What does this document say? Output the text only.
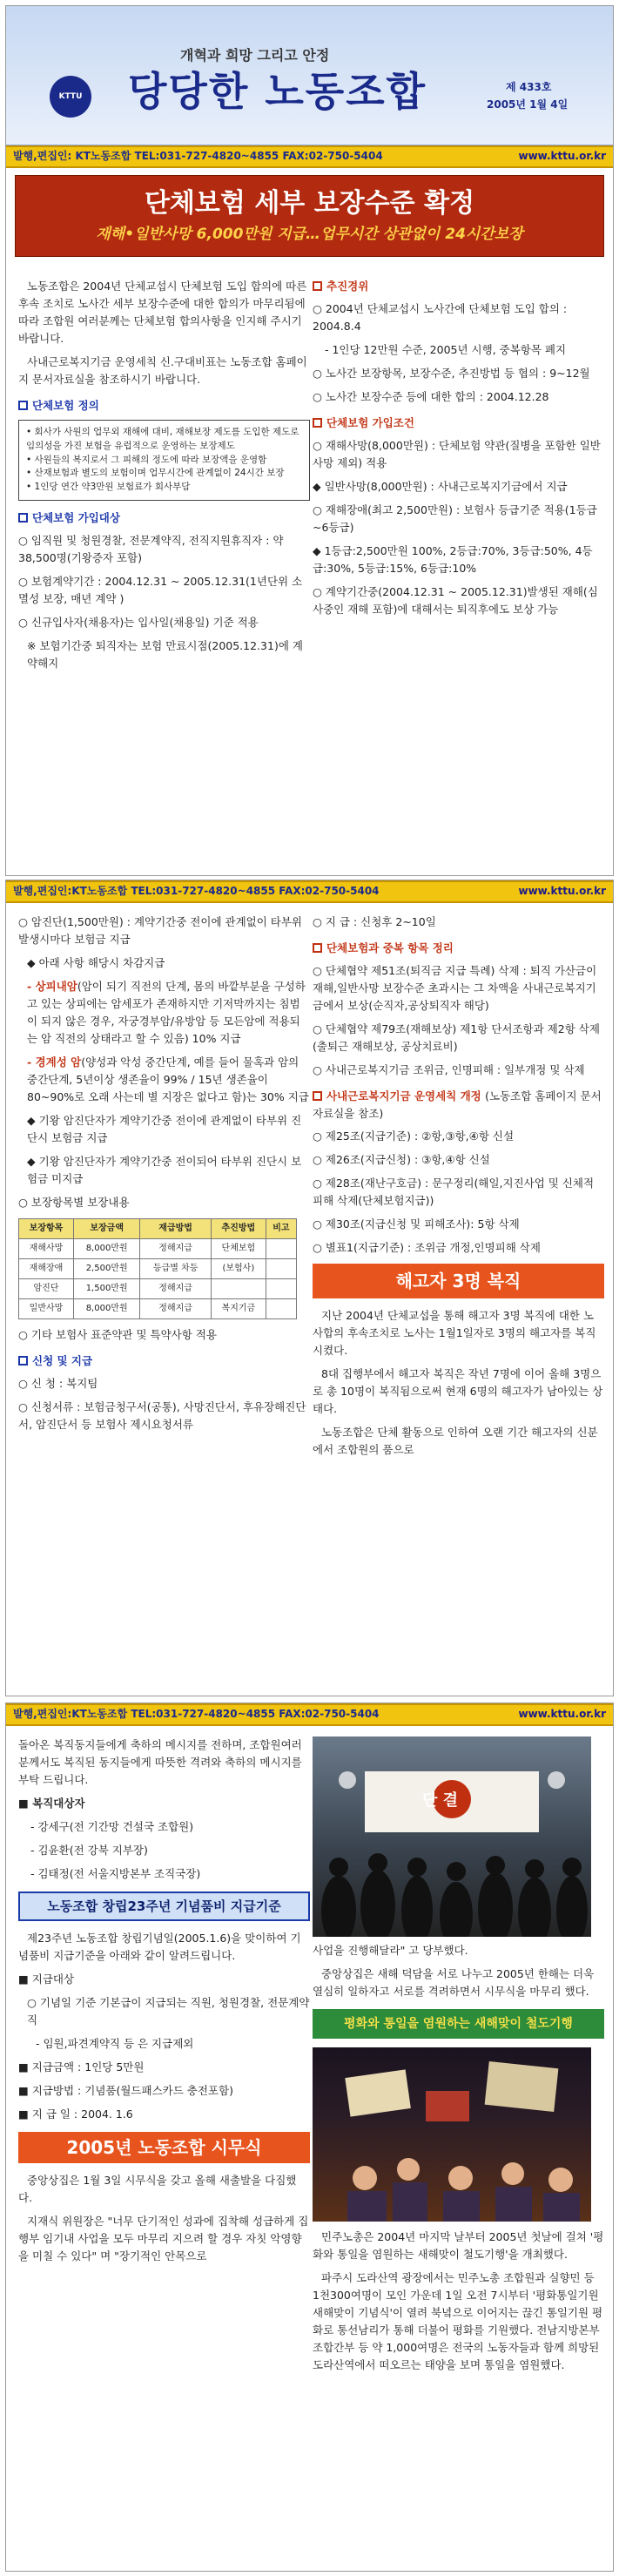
개혁과 희망 그리고 안정
KTTU 당당한 노동조합	제 433호
2005년 1월 4일
발행,편집인: KT노동조합 TEL:031-727-4820~4855 FAX:02-750-5404	www.kttu.or.kr
단체보험 세부 보장수준 확정
재해•일반사망 6,000만원 지급…업무시간 상관없이 24시간보장

노동조합은 2004년 단체교섭시 단체보험 도입 합의에 따른 후속 조치로 노사간 세부 보장수준에 대한 합의가 마무리됨에 따라 조합원 여러분께는 단체보험 합의사항을 인지해 주시기 바랍니다.

사내근로복지기금 운영세칙 신.구대비표는 노동조합 홈페이지 문서자료실을 참조하시기 바랍니다.

단체보험 정의
• 회사가 사원의 업무외 재해에 대비, 재해보장 제도를 도입한 제도로 임의성을 가진 보험을 유럽적으로 운영하는 보장제도
• 사원들의 복지로서 그 피해의 정도에 따라 보장액을 운영함
• 산재보험과 별도의 보험이며 업무시간에 관계없이 24시간 보장
• 1인당 연간 약3만원 보험료가 회사부담
단체보험 가입대상

○ 임직원 및 청원경찰, 전문계약직, 전직지원휴직자 : 약 38,500명(기왕증자 포함)

○ 보험계약기간 : 2004.12.31 ~ 2005.12.31(1년단위 소멸성 보장, 매년 계약 )

○ 신규입사자(채용자)는 입사일(채용일) 기준 적용

※ 보험기간중 퇴직자는 보험 만료시점(2005.12.31)에 계약해지

추진경위

○ 2004년 단체교섭시 노사간에 단체보험 도입 합의 : 2004.8.4

- 1인당 12만원 수준, 2005년 시행, 중복항목 폐지

○ 노사간 보장항목, 보장수준, 추진방법 등 협의 : 9~12월

○ 노사간 보장수준 등에 대한 합의 : 2004.12.28

단체보험 가입조건

○ 재해사망(8,000만원) : 단체보험 약관(질병을 포함한 일반사망 제외) 적용

◆ 일반사망(8,000만원) : 사내근로복지기금에서 지급

○ 재해장애(최고 2,500만원) : 보험사 등급기준 적용(1등급~6등급)

◆ 1등급:2,500만원 100%, 2등급:70%, 3등급:50%, 4등급:30%, 5등급:15%, 6등급:10%

○ 계약기간중(2004.12.31 ~ 2005.12.31)발생된 재해(심사중인 재해 포함)에 대해서는 퇴직후에도 보상 가능

발행,편집인:KT노동조합 TEL:031-727-4820~4855 FAX:02-750-5404	www.kttu.or.kr

○ 암진단(1,500만원) : 계약기간중 전이에 관계없이 타부위 발생시마다 보험금 지급

◆ 아래 사항 해당시 차감지급

- 상피내암(암이 되기 직전의 단계, 몸의 바깥부분을 구성하고 있는 상피에는 암세포가 존재하지만 기저막까지는 침범이 되지 않은 경우, 자궁경부암/유방암 등 모든암에 적용되는 암 직전의 상태라고 할 수 있음) 10% 지급

- 경계성 암(양성과 악성 중간단계, 예를 들어 물혹과 암의 중간단계, 5년이상 생존율이 99% / 15년 생존율이 80~90%로 오래 사는데 별 지장은 없다고 함)는 30% 지급

◆ 기왕 암진단자가 계약기간중 전이에 관계없이 타부위 진단시 보험금 지급

◆ 기왕 암진단자가 계약기간중 전이되어 타부위 진단시 보험금 미지급

○ 보장항목별 보장내용

보장항목	보장금액	재급방법	추진방법	비고
재해사망	8,000만원	정해지급	단체보험	
재해장애	2,500만원	등급별 차등	(보험사)	
암진단	1,500만원	정해지급		
일반사망	8,000만원	정해지급	복지기금	

○ 기타 보험사 표준약관 및 특약사항 적용

신청 및 지급

○ 신 청 : 복지팀

○ 신청서류 : 보험금청구서(공통), 사망진단서, 후유장해진단서, 암진단서 등 보험사 제시요청서류

○ 지 급 : 신청후 2~10일

단체보험과 중복 항목 정리

○ 단체협약 제51조(퇴직금 지급 특례) 삭제 : 퇴직 가산금이 재해,일반사망 보장수준 초과시는 그 차액을 사내근로복지기금에서 보상(순직자,공상퇴직자 해당)

○ 단체협약 제79조(재해보상) 제1항 단서조항과 제2항 삭제(출퇴근 재해보상, 공상치료비)

○ 사내근로복지기금 조위금, 인명피해 : 일부개정 및 삭제

사내근로복지기금 운영세칙 개정 (노동조합 홈페이지 문서자료실을 참조)

○ 제25조(지급기준) : ②항,③항,④항 신설

○ 제26조(지급신청) : ③항,④항 신설

○ 제28조(재난구호금) : 문구정리(해일,지진사업 및 신체적 피해 삭제(단체보험지급))

○ 제30조(지급신청 및 피해조사): 5항 삭제

○ 별표1(지급기준) : 조위금 개정,인명피해 삭제

해고자 3명 복직

지난 2004년 단체교섭을 통해 해고자 3명 복직에 대한 노사합의 후속조치로 노사는 1월1일자로 3명의 해고자를 복직 시켰다.

8대 집행부에서 해고자 복직은 작년 7명에 이어 올해 3명으로 총 10명이 복직됨으로써 현재 6명의 해고자가 남아있는 상태다.

노동조합은 단체 활동으로 인하여 오랜 기간 해고자의 신분에서 조합원의 품으로

발행,편집인:KT노동조합 TEL:031-727-4820~4855 FAX:02-750-5404	www.kttu.or.kr

돌아온 복직동지들에게 축하의 메시지를 전하며, 조합원여러분께서도 복직된 동지들에게 따뜻한 격려와 축하의 메시지를 부탁 드립니다.

■ 복직대상자

- 강세구(전 기간망 건설국 조합원)

- 김윤환(전 강북 지부장)

- 김태정(전 서울지방본부 조직국장)

노동조합 창립23주년 기념품비 지급기준

제23주년 노동조합 창립기념일(2005.1.6)을 맞이하여 기념품비 지급기준을 아래와 같이 알려드립니다.

■ 지급대상

○ 기념일 기준 기본급이 지급되는 직원, 청원경찰, 전문계약직

- 임원,파견계약직 등 은 지급제외

■ 지급금액 : 1인당 5만원

■ 지급방법 : 기념품(월드패스카드 충전포함)

■ 지 급 일 : 2004. 1.6

2005년 노동조합 시무식

중앙상집은 1월 3일 시무식을 갖고 올해 새출발을 다짐했다.

지재식 위원장은 "너무 단기적인 성과에 집착해 성급하게 집행부 임기내 사업을 모두 마무리 지으려 할 경우 자칫 악영향을 미칠 수 있다" 며 "장기적인 안목으로

단 결

사업을 진행해달라" 고 당부했다.

중앙상집은 새해 덕담을 서로 나누고 2005년 한해는 더욱 열심히 일하자고 서로를 격려하면서 시무식을 마무리 했다.

평화와 통일을 염원하는 새해맞이 철도기행

민주노총은 2004년 마지막 날부터 2005년 첫날에 걸쳐 '평화와 통일을 염원하는 새해맞이 철도기행'을 개최했다.

파주시 도라산역 광장에서는 민주노총 조합원과 실향민 등 1천300여명이 모인 가운데 1일 오전 7시부터 '평화통일기원 새해맞이 기념식'이 열려 북녘으로 이어지는 끊긴 통일기원 평화로 통선남리가 통해 더불어 평화를 기원했다. 전남지방본부 조합간부 등 약 1,000여명은 전국의 노동자들과 함께 희망된 도라산역에서 떠오르는 태양을 보며 통일을 염원했다.
